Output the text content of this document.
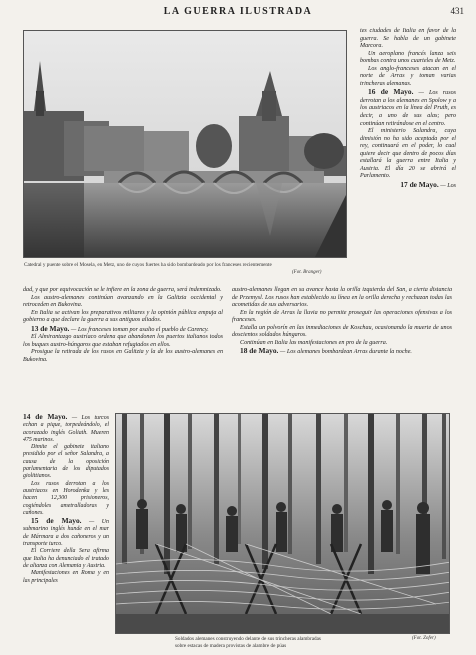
LA GUERRA ILUSTRADA	431
Catedral y puente sobre el Mosela, en Metz, uno de cuyos fuertes ha sido bombardeado por los franceses recientemente
(Fot. Branger)

tes ciudades de Italia en favor de la guerra. Se habla de un gabinete Marcora.

Un aeroplano francés lanza seis bombas contra unos cuarteles de Metz.

Los anglo-franceses atacan en el norte de Arras y toman varias trincheras alemanas.

16 de Mayo. — Los rusos derrotan a los alemanes en Spolow y a los austriacos en la línea del Pruth, es decir, a uno de sus alas; pero continúan retirándose en el centro.

El ministerio Salandra, cuya dimisión no ha sido aceptada por el rey, continuará en el poder, lo cual quiere decir que dentro de pocos días estallará la guerra entre Italia y Austria. El día 20 se abrirá el Parlamento.

17 de Mayo. — Los

dad, y que por equivocación se le infiere en la zona de guerra, será indemnizado.

Los austro-alemanes continúan avanzando en la Galitzia occidental y retroceden en Bukovina.

En Italia se activan los preparativos militares y la opinión pública empuja al gobierno a que declare la guerra a sus antiguos aliados.

13 de Mayo. — Los franceses toman por asalto el pueblo de Carency.

El Almirantazgo austríaco ordena que abandonen los puertos italianos todos los buques austro-húngaros que estaban refugiados en ellos.

Prosigue la retirada de los rusos en Galitzia y la de los austro-alemanes en Bukovina.

14 de Mayo. — Los turcos echan a pique, torpedeándolo, el acorazado inglés Goliath. Mueren 475 marinos.

Dimite el gabinete italiano presidido por el señor Salandra, a causa de la oposición parlamentaria de los diputados giolittianos.

Los rusos derrotan a los austriacos en Horodenka y les hacen 12,300 prisioneros, cogiéndoles ametralladoras y cañones.

15 de Mayo. — Un submarino inglés hunde en el mar de Mármara a dos cañoneros y un transporte turco.

El Corriere della Sera afirma que Italia ha denunciado el tratado de alianza con Alemania y Austria.

Manifestaciones en Roma y en las principales

austro-alemanes llegan en su avance hasta la orilla izquierda del San, a cierta distancia de Przemysl. Los rusos han establecido su línea en la orilla derecha y rechazan todas las acometidas de sus adversarios.

En la región de Arras la lluvia no permite proseguir las operaciones ofensivas a los franceses.

Estalla un polvorín en las inmediaciones de Koschau, ocasionando la muerte de unos doscientos soldados húngaros.

Continúan en Italia las manifestaciones en pro de la guerra.

18 de Mayo. — Los alemanes bombardean Arras durante la noche.

Soldados alemanes construyendo delante de sus trincheras alambradas
sobre estacas de madera provistas de alambre de púas
(Fot. Zofer)
